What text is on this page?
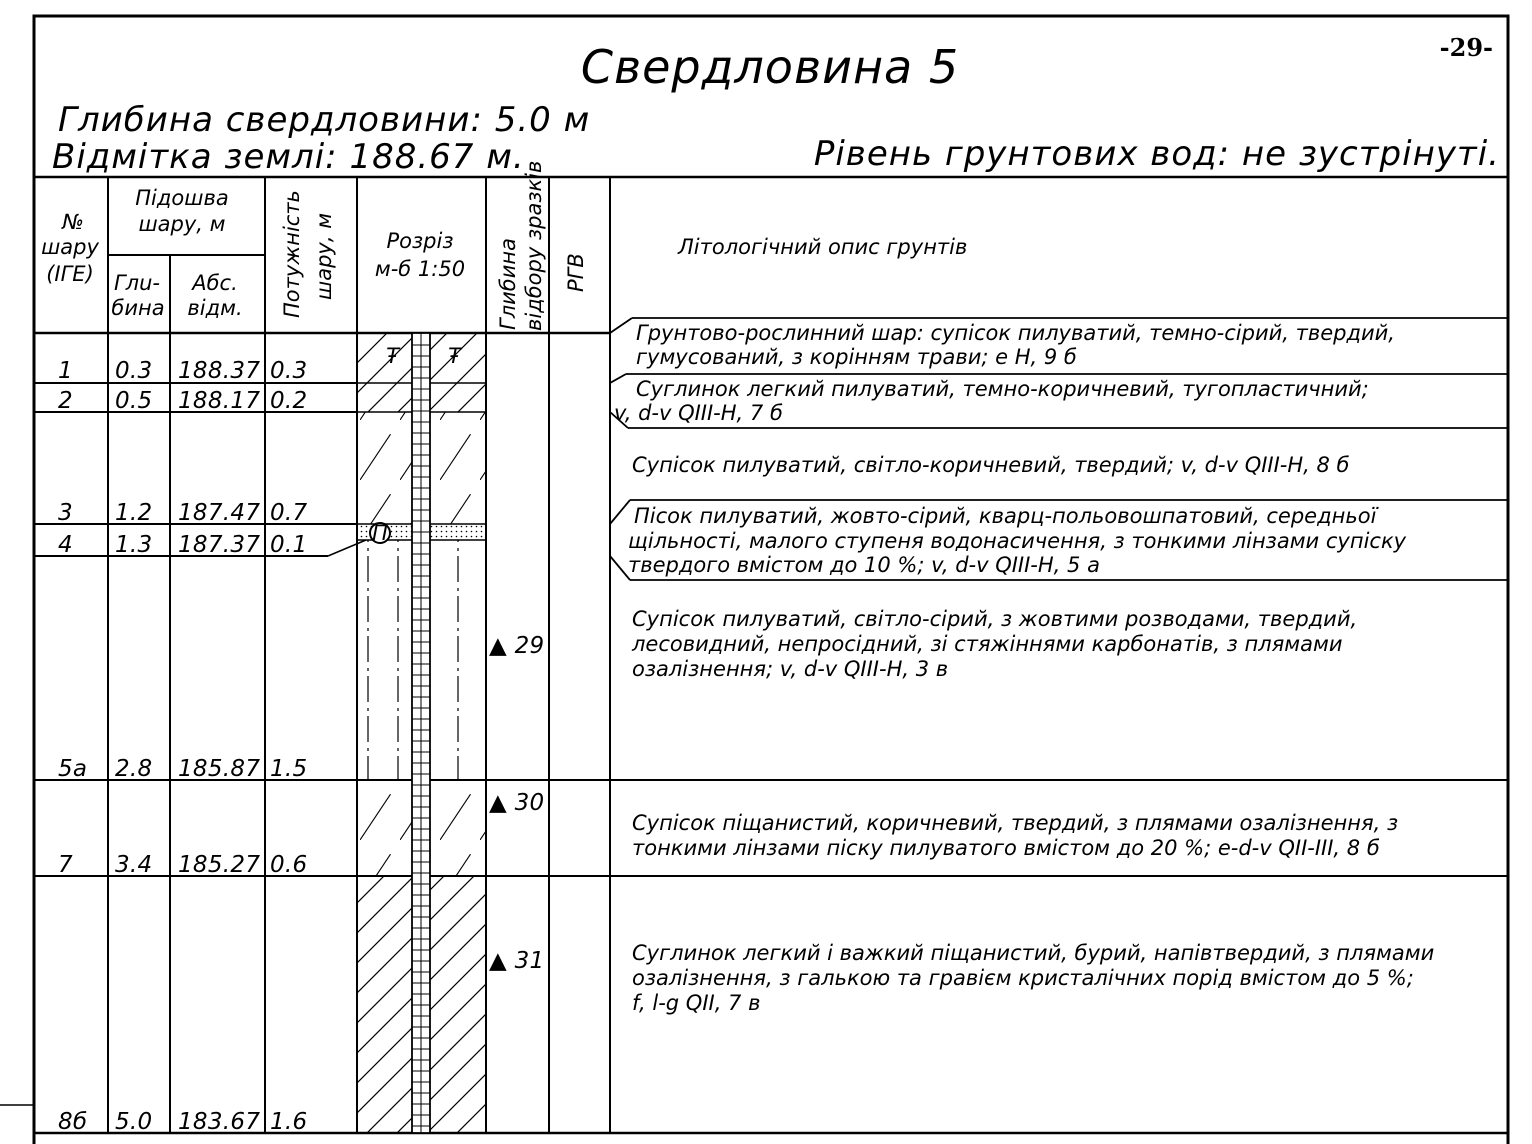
-29-
Свердловина 5
Глибина свердловини: 5.0 м
Відмітка землі: 188.67 м.	Рівень грунтових вод: не зустрінуті.
№
шару
(ІГЕ)
Підошва
шару, м
Глu-
бина
Абс.
відм. Потужність шару, м Розріз
м-б 1:50 Глибина відбору зразків РГВ
Літологічний опис грунтів
1 0.3 188.37 0.3
2 0.5 188.17 0.2
3 1.2 187.47 0.7
4 1.3 187.37 0.1
5а 2.8 185.87 1.5
7 3.4 185.27 0.6
8б 5.0 183.67 1.6
Ŧ Ŧ
П
▲ 29
▲ 30
▲ 31
Грунтово-рослинний шар: супісок пилуватий, темно-сірий, твердий,
гумусований, з корінням трави; e H, 9 б
Суглинок легкий пилуватий, темно-коричневий, тугопластичний;
v, d-v QIII-H, 7 б
Супісок пилуватий, світло-коричневий, твердий; v, d-v QIII-H, 8 б
Пісок пилуватий, жовто-сірий, кварц-польовошпатовий, середньої
щільності, малого ступеня водонасичення, з тонкими лінзами супіску
твердого вмістом до 10 %; v, d-v QIII-H, 5 а
Супісок пилуватий, світло-сірий, з жовтими розводами, твердий,
лесовидний, непросідний, зі стяжіннями карбонатів, з плямами
озалізнення; v, d-v QIII-H, 3 в
Супісок піщанистий, коричневий, твердий, з плямами озалізнення, з
тонкими лінзами піску пилуватого вмістом до 20 %; e-d-v QII-III, 8 б
Суглинок легкий і важкий піщанистий, бурий, напівтвердий, з плямами
озалізнення, з галькою та гравієм кристалічних порід вмістом до 5 %;
f, l-g QII, 7 в
